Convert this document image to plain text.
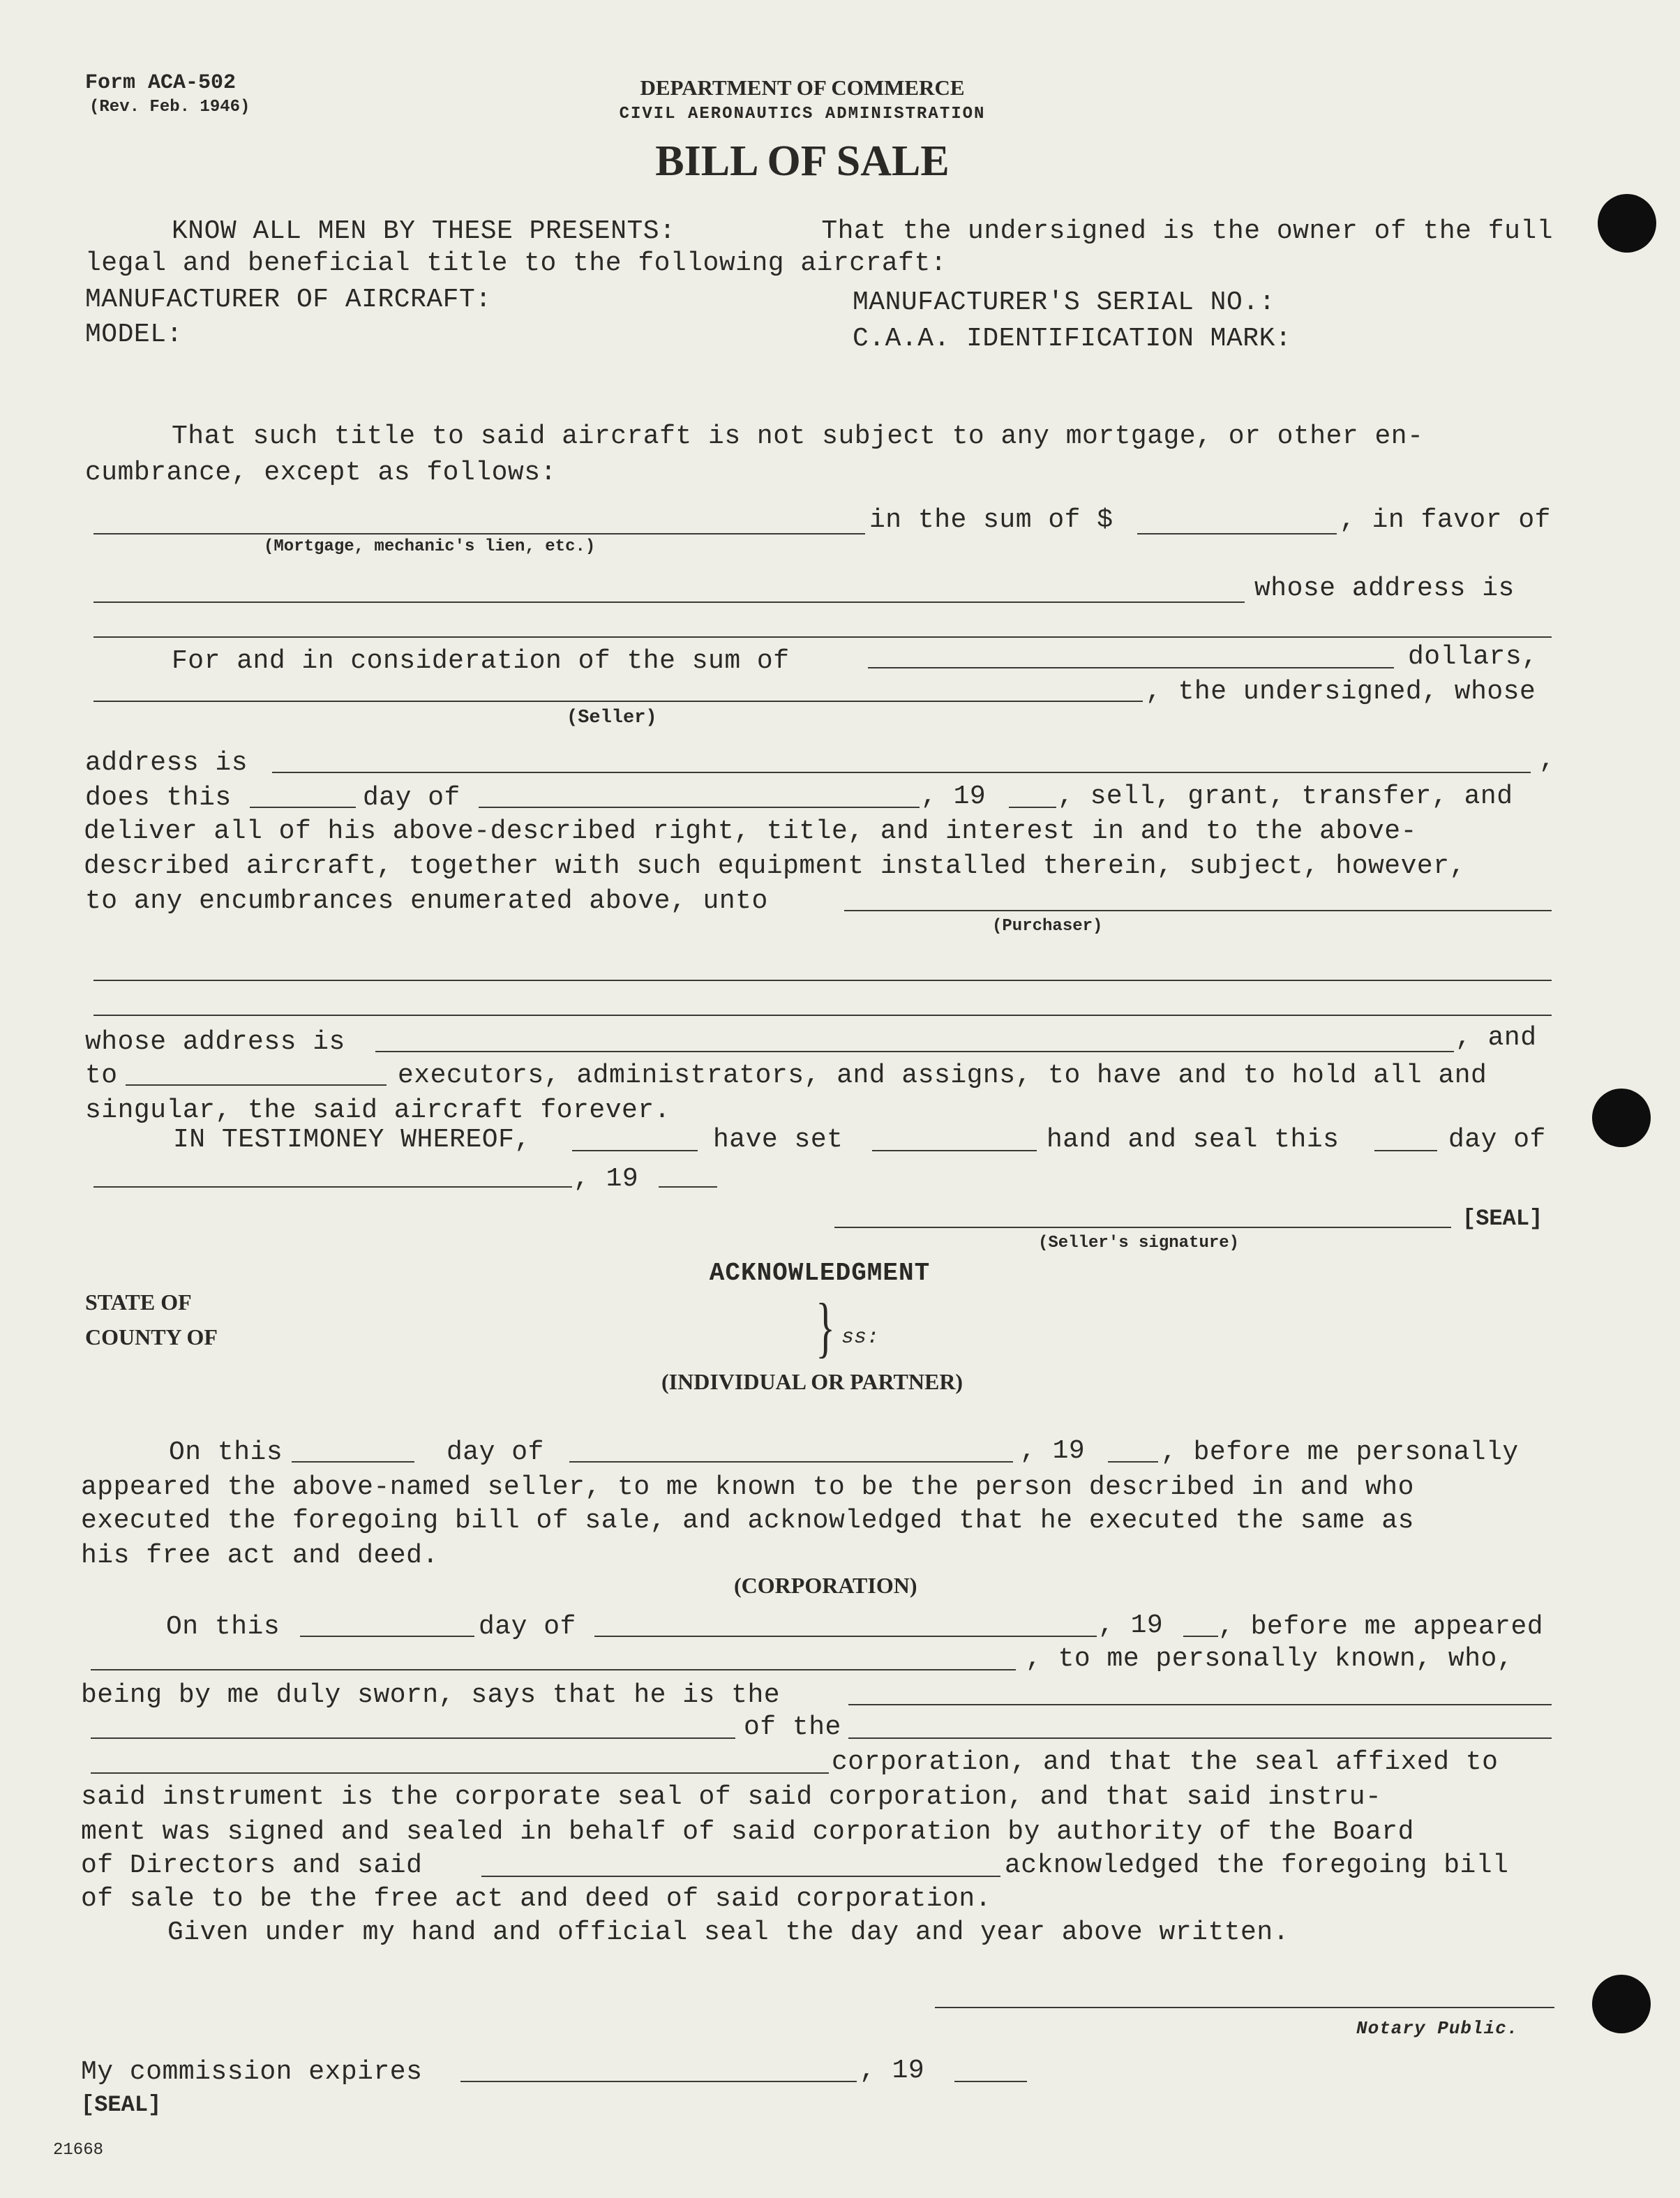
Form ACA-502
(Rev. Feb. 1946)
DEPARTMENT OF COMMERCE
CIVIL AERONAUTICS ADMINISTRATION
BILL OF SALE
KNOW ALL MEN BY THESE PRESENTS:	That the undersigned is the owner of the full
legal and beneficial title to the following aircraft:
MANUFACTURER OF AIRCRAFT:	MANUFACTURER'S SERIAL NO.:
MODEL:	C.A.A. IDENTIFICATION MARK:
That such title to said aircraft is not subject to any mortgage, or other en-
cumbrance, except as follows:
in the sum of $	, in favor of
(Mortgage, mechanic's lien, etc.)
whose address is
For and in consideration of the sum of	dollars,
, the undersigned, whose
(Seller)
address is	,
does this	day of	, 19	, sell, grant, transfer, and
deliver all of his above-described right, title, and interest in and to the above-
described aircraft, together with such equipment installed therein, subject, however,
to any encumbrances enumerated above, unto
(Purchaser)
whose address is	, and
to	executors, administrators, and assigns, to have and to hold all and
singular, the said aircraft forever.
IN TESTIMONEY WHEREOF,	have set	hand and seal this	day of
, 19
[SEAL]
(Seller's signature)
ACKNOWLEDGMENT
STATE OF
COUNTY OF	} ss:
(INDIVIDUAL OR PARTNER)
On this	day of	, 19	, before me personally
appeared the above-named seller, to me known to be the person described in and who
executed the foregoing bill of sale, and acknowledged that he executed the same as
his free act and deed.
(CORPORATION)
On this	day of	, 19 , before me appeared
, to me personally known, who,
being by me duly sworn, says that he is the
of the
corporation, and that the seal affixed to
said instrument is the corporate seal of said corporation, and that said instru-
ment was signed and sealed in behalf of said corporation by authority of the Board
of Directors and said	acknowledged the foregoing bill
of sale to be the free act and deed of said corporation.
Given under my hand and official seal the day and year above written.
Notary Public.
My commission expires	, 19
[SEAL]
21668
